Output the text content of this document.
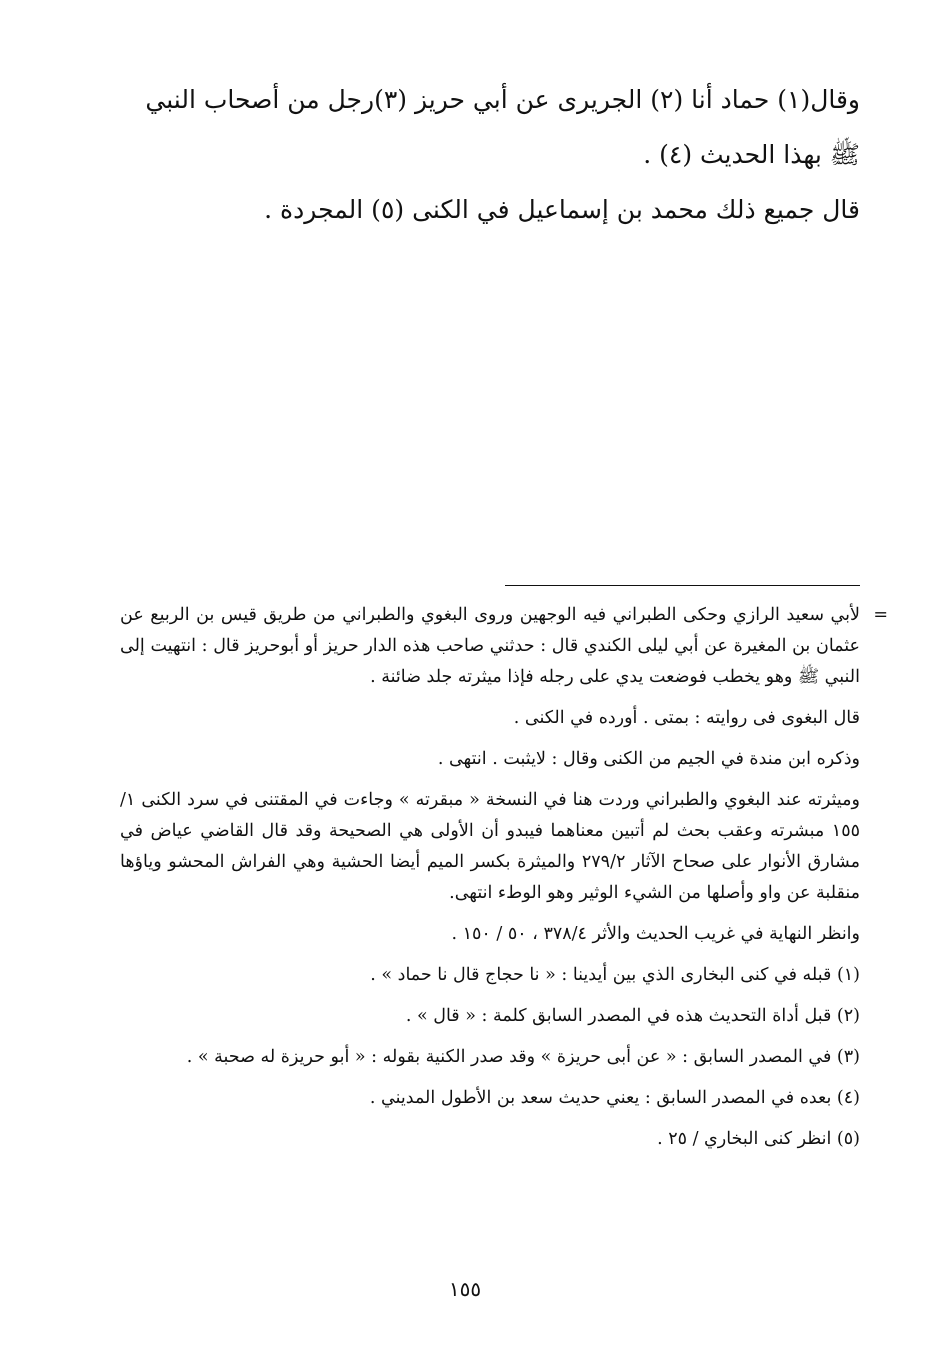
وقال(١) حماد أنا (٢) الجريرى عن أبي حريز (٣)رجل من أصحاب النبي

ﷺ بهذا الحديث (٤) .

قال جميع ذلك محمد بن إسماعيل في الكنى (٥) المجردة .

=
لأبي سعيد الرازي وحكى الطبراني فيه الوجهين وروى البغوي والطبراني من طريق قيس بن الربيع عن عثمان بن المغيرة عن أبي ليلى الكندي قال : حدثني صاحب هذه الدار حريز أو أبوحريز قال : انتهيت إلى النبي ﷺ وهو يخطب فوضعت يدي على رجله فإذا ميثرته جلد ضائنة .

قال البغوى فى روايته : بمتى . أورده في الكنى .

وذكره ابن مندة في الجيم من الكنى وقال : لايثبت . انتهى .

وميثرته عند البغوي والطبراني وردت هنا في النسخة « مبقرته » وجاءت في المقتنى في سرد الكنى ١/ ١٥٥ مبشرته وعقب بحث لم أتبين معناهما فيبدو أن الأولى هي الصحيحة وقد قال القاضي عياض في مشارق الأنوار على صحاح الآثار ٢٧٩/٢ والميثرة بكسر الميم أيضا الحشية وهي الفراش المحشو وياؤها منقلبة عن واو وأصلها من الشيء الوثير وهو الوطء انتهى.

وانظر النهاية في غريب الحديث والأثر ٣٧٨/٤ ، ٥٠ / ١٥٠ .

(١) قبله في كنى البخارى الذي بين أيدينا : « نا حجاج قال نا حماد » .

(٢) قبل أداة التحديث هذه في المصدر السابق كلمة : « قال » .

(٣) في المصدر السابق : « عن أبى حريزة » وقد صدر الكنية بقوله : « أبو حريزة له صحبة » .

(٤) بعده في المصدر السابق : يعني حديث سعد بن الأطول المديني .

(٥) انظر كنى البخاري / ٢٥ .

١٥٥
